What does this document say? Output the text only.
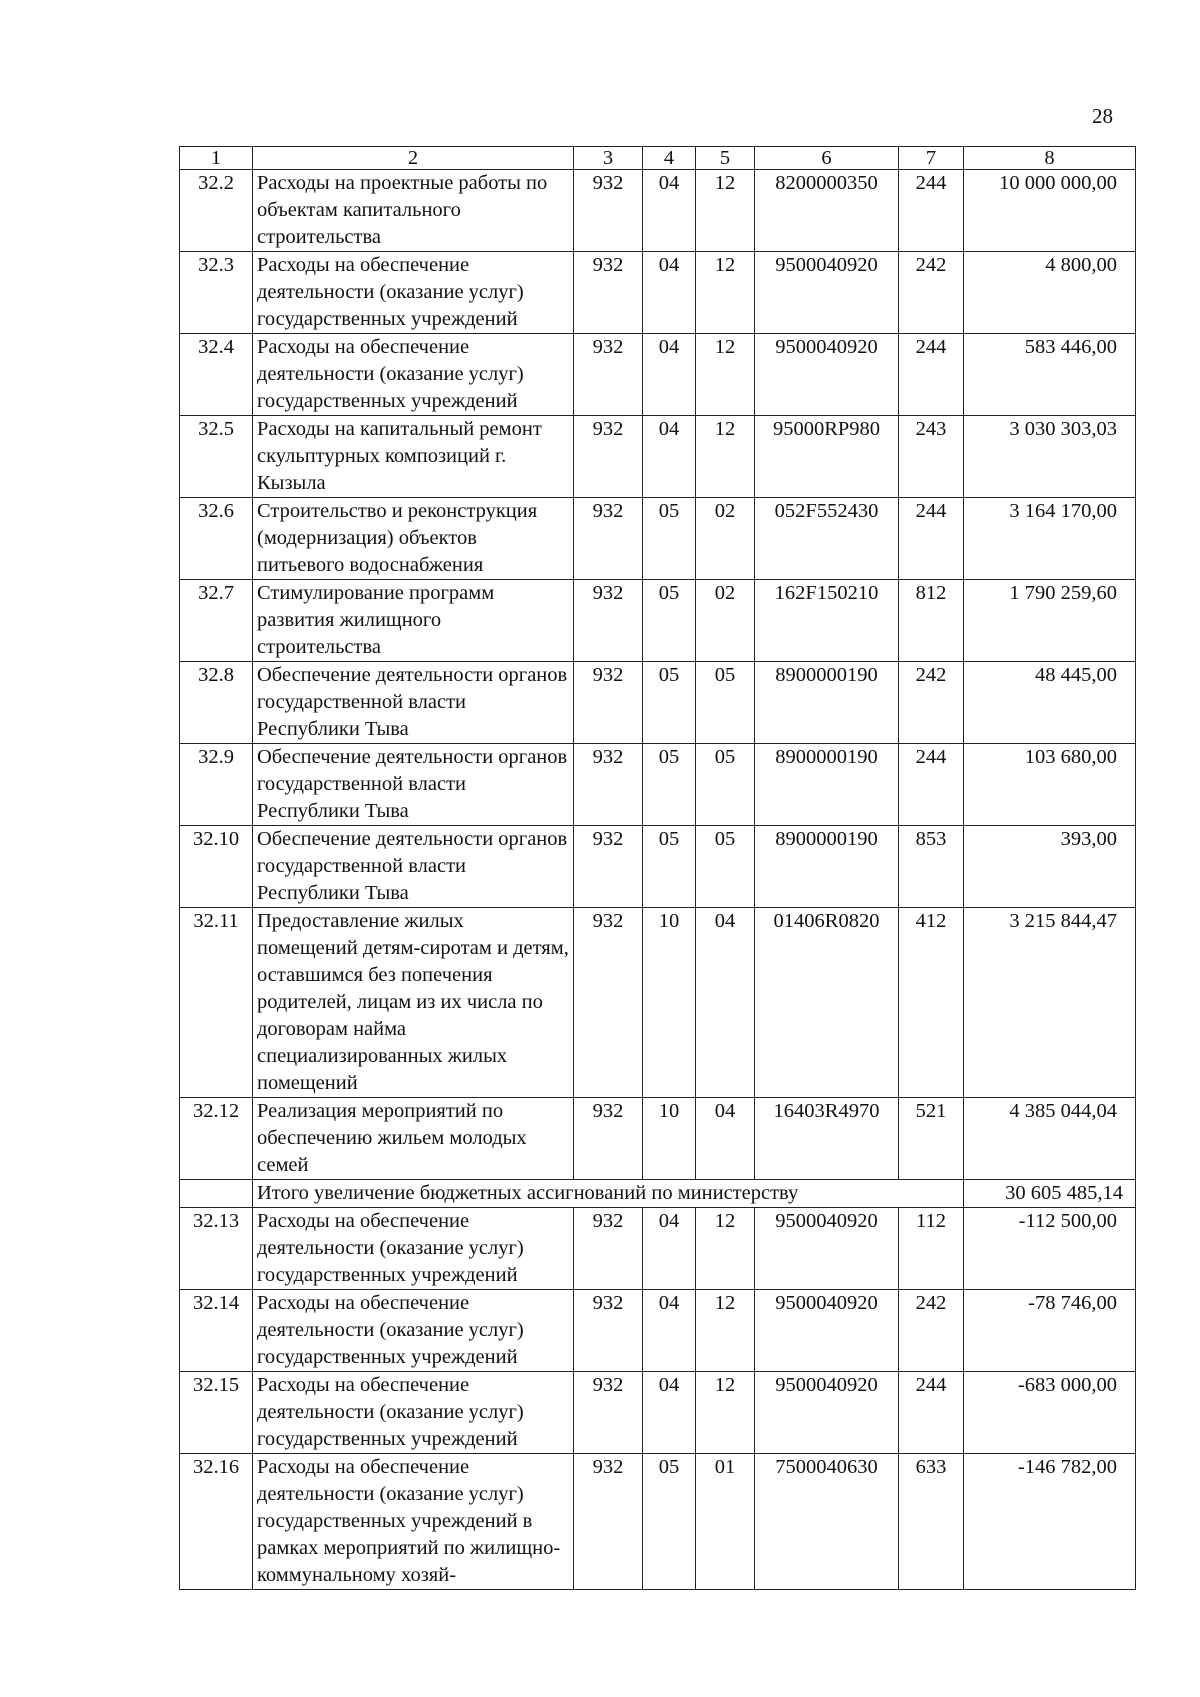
28
1	2	3	4	5	6	7	8
32.2	Расходы на проектные работы по объектам капитального строительства	932	04	12	8200000350	244	10 000 000,00
32.3	Расходы на обеспечение деятельности (оказание услуг) государственных учреждений	932	04	12	9500040920	242	4 800,00
32.4	Расходы на обеспечение деятельности (оказание услуг) государственных учреждений	932	04	12	9500040920	244	583 446,00
32.5	Расходы на капитальный ремонт скульптурных композиций г. Кызыла	932	04	12	95000RP980	243	3 030 303,03
32.6	Строительство и реконструкция (модернизация) объектов питьевого водоснабжения	932	05	02	052F552430	244	3 164 170,00
32.7	Стимулирование программ развития жилищного строительства	932	05	02	162F150210	812	1 790 259,60
32.8	Обеспечение деятельности органов государственной власти Республики Тыва	932	05	05	8900000190	242	48 445,00
32.9	Обеспечение деятельности органов государственной власти Республики Тыва	932	05	05	8900000190	244	103 680,00
32.10	Обеспечение деятельности органов государственной власти Республики Тыва	932	05	05	8900000190	853	393,00
32.11	Предоставление жилых помещений детям-сиротам и детям, оставшимся без попечения родителей, лицам из их числа по договорам найма специализированных жилых помещений	932	10	04	01406R0820	412	3 215 844,47
32.12	Реализация мероприятий по обеспечению жильем молодых семей	932	10	04	16403R4970	521	4 385 044,04
	Итого увеличение бюджетных ассигнований по министерству						30 605 485,14
32.13	Расходы на обеспечение деятельности (оказание услуг) государственных учреждений	932	04	12	9500040920	112	-112 500,00
32.14	Расходы на обеспечение деятельности (оказание услуг) государственных учреждений	932	04	12	9500040920	242	-78 746,00
32.15	Расходы на обеспечение деятельности (оказание услуг) государственных учреждений	932	04	12	9500040920	244	-683 000,00
32.16	Расходы на обеспечение деятельности (оказание услуг) государственных учреждений в рамках мероприятий по жилищно-коммунальному хозяй-	932	05	01	7500040630	633	-146 782,00
